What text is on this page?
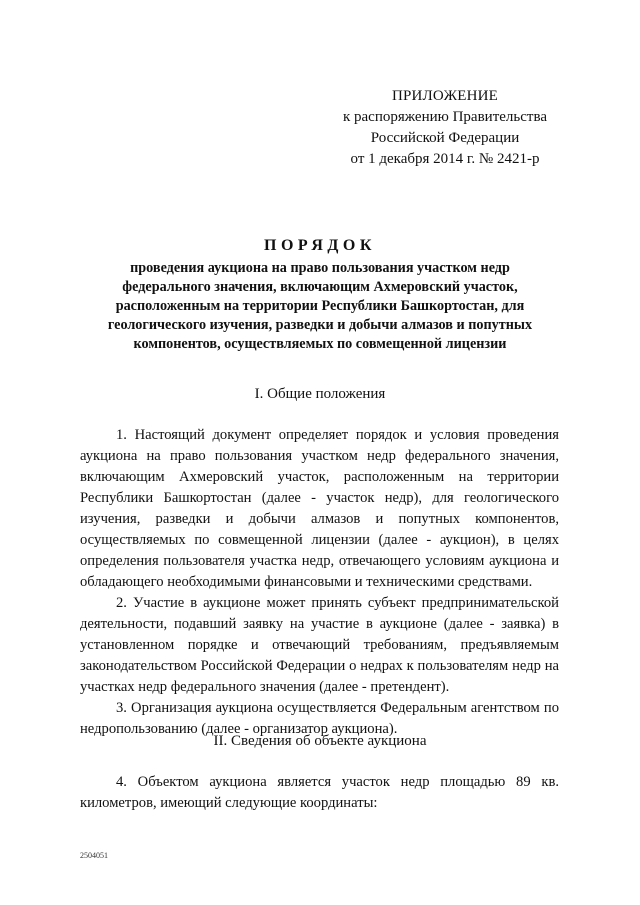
ПРИЛОЖЕНИЕ
к распоряжению Правительства
Российской Федерации
от 1 декабря 2014 г. № 2421-р
ПОРЯДОК
проведения аукциона на право пользования участком недр федерального значения, включающим Ахмеровский участок, расположенным на территории Республики Башкортостан, для геологического изучения, разведки и добычи алмазов и попутных компонентов, осуществляемых по совмещенной лицензии
I. Общие положения

1. Настоящий документ определяет порядок и условия проведения аукциона на право пользования участком недр федерального значения, включающим Ахмеровский участок, расположенным на территории Республики Башкортостан (далее - участок недр), для геологического изучения, разведки и добычи алмазов и попутных компонентов, осуществляемых по совмещенной лицензии (далее - аукцион), в целях определения пользователя участка недр, отвечающего условиям аукциона и обладающего необходимыми финансовыми и техническими средствами.

2. Участие в аукционе может принять субъект предпринимательской деятельности, подавший заявку на участие в аукционе (далее - заявка) в установленном порядке и отвечающий требованиям, предъявляемым законодательством Российской Федерации о недрах к пользователям недр на участках недр федерального значения (далее - претендент).

3. Организация аукциона осуществляется Федеральным агентством по недропользованию (далее - организатор аукциона).

II. Сведения об объекте аукциона

4. Объектом аукциона является участок недр площадью 89 кв. километров, имеющий следующие координаты:

2504051
